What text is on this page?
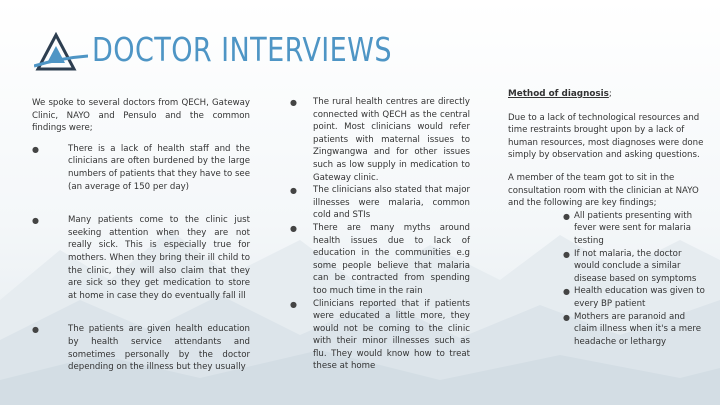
DOCTOR INTERVIEWS

We spoke to several doctors from QECH, Gateway Clinic, NAYO and Pensulo and the common findings were;

●	There is a lack of health staff and the clinicians are often burdened by the large numbers of patients that they have to see (an average of 150 per day)
●	Many patients come to the clinic just seeking attention when they are not really sick. This is especially true for mothers. When they bring their ill child to the clinic, they will also claim that they are sick so they get medication to store at home in case they do eventually fall ill
●	The patients are given health education by health service attendants and sometimes personally by the doctor depending on the illness but they usually
● The rural health centres are directly connected with QECH as the central point. Most clinicians would refer patients with maternal issues to Zingwangwa and for other issues such as low supply in medication to Gateway clinic.
● The clinicians also stated that major illnesses were malaria, common cold and STIs
● There are many myths around health issues due to lack of education in the communities e.g some people believe that malaria can be contracted from spending too much time in the rain
● Clinicians reported that if patients were educated a little more, they would not be coming to the clinic with their minor illnesses such as flu. They would know how to treat these at home

Method of diagnosis;

Due to a lack of technological resources and time restraints brought upon by a lack of human resources, most diagnoses were done simply by observation and asking questions.

A member of the team got to sit in the consultation room with the clinician at NAYO and the following are key findings;

● All patients presenting with fever were sent for malaria testing
● If not malaria, the doctor would conclude a similar disease based on symptoms
● Health education was given to every BP patient
● Mothers are paranoid and claim illness when it's a mere headache or lethargy
